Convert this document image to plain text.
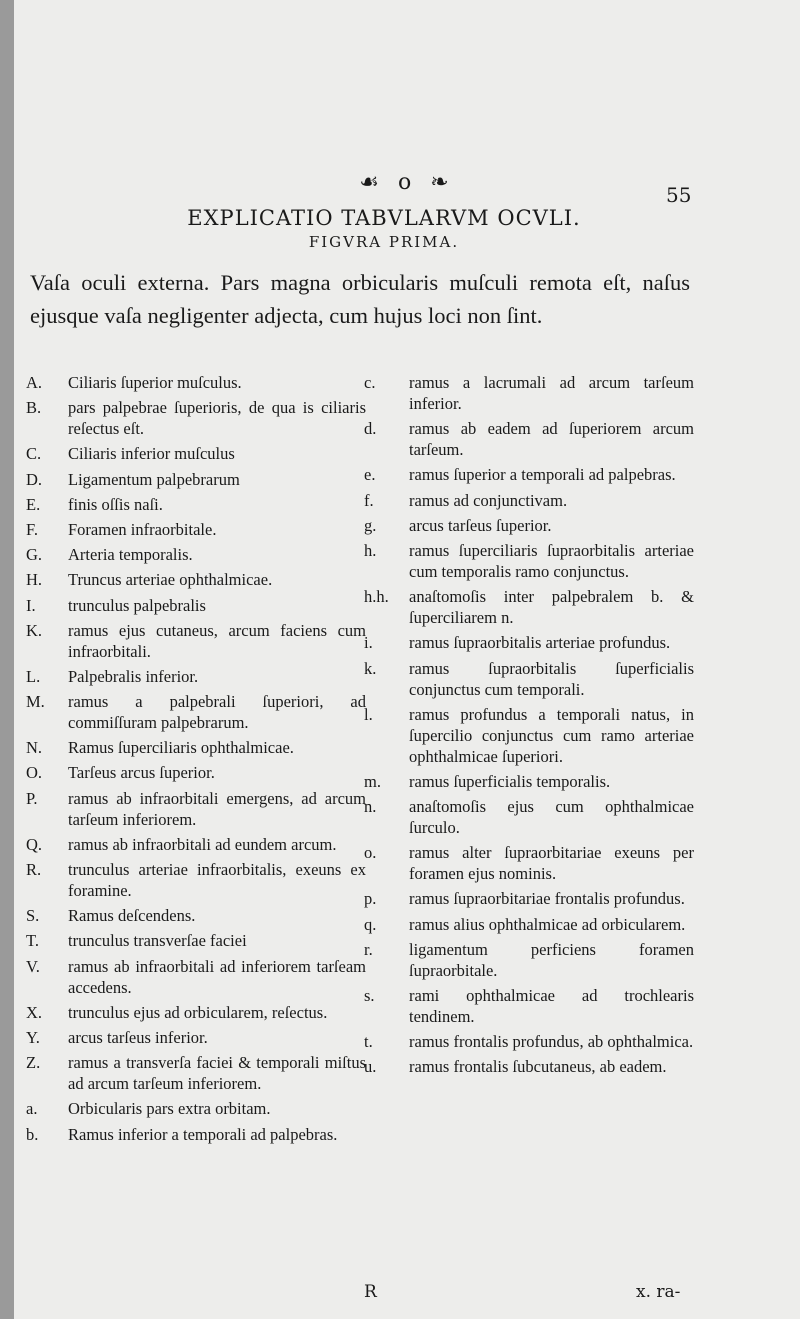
☙ o ❧	55
EXPLICATIO TABVLARVM OCVLI.
FIGVRA PRIMA.
Vaſa oculi externa. Pars magna orbicularis muſculi remota eſt, naſus ejusque vaſa negligenter adjecta, cum hujus loci non ſint.
A.	Ciliaris ſuperior muſculus.
B.	pars palpebrae ſuperioris, de qua is ciliaris reſectus eſt.
C.	Ciliaris inferior muſculus
D.	Ligamentum palpebrarum
E.	finis oſſis naſi.
F.	Foramen infraorbitale.
G.	Arteria temporalis.
H.	Truncus arteriae ophthalmicae.
I.	trunculus palpebralis
K.	ramus ejus cutaneus, arcum faciens cum infraorbitali.
L.	Palpebralis inferior.
M.	ramus a palpebrali ſuperiori, ad commiſſuram palpebrarum.
N.	Ramus ſuperciliaris ophthalmicae.
O.	Tarſeus arcus ſuperior.
P.	ramus ab infraorbitali emergens, ad arcum tarſeum inferiorem.
Q.	ramus ab infraorbitali ad eundem arcum.
R.	trunculus arteriae infraorbitalis, exeuns ex foramine.
S.	Ramus deſcendens.
T.	trunculus transverſae faciei
V.	ramus ab infraorbitali ad inferiorem tarſeam accedens.
X.	trunculus ejus ad orbicularem, reſectus.
Y.	arcus tarſeus inferior.
Z.	ramus a transverſa faciei & temporali miſtus ad arcum tarſeum inferiorem.
a.	Orbicularis pars extra orbitam.
b.	Ramus inferior a temporali ad palpebras.
c.	ramus a lacrumali ad arcum tarſeum inferior.
d.	ramus ab eadem ad ſuperiorem arcum tarſeum.
e.	ramus ſuperior a temporali ad palpebras.
f.	ramus ad conjunctivam.
g.	arcus tarſeus ſuperior.
h.	ramus ſuperciliaris ſupraorbitalis arteriae cum temporalis ramo conjunctus.
h.h.	anaſtomoſis inter palpebralem b. & ſuperciliarem n.
i.	ramus ſupraorbitalis arteriae profundus.
k.	ramus ſupraorbitalis ſuperficialis conjunctus cum temporali.
l.	ramus profundus a temporali natus, in ſupercilio conjunctus cum ramo arteriae ophthalmicae ſuperiori.
m.	ramus ſuperficialis temporalis.
n.	anaſtomoſis ejus cum ophthalmicae ſurculo.
o.	ramus alter ſupraorbitariae exeuns per foramen ejus nominis.
p.	ramus ſupraorbitariae frontalis profundus.
q.	ramus alius ophthalmicae ad orbicularem.
r.	ligamentum perficiens foramen ſupraorbitale.
s.	rami ophthalmicae ad trochlearis tendinem.
t.	ramus frontalis profundus, ab ophthalmica.
u.	ramus frontalis ſubcutaneus, ab eadem.
R	x. ra-
